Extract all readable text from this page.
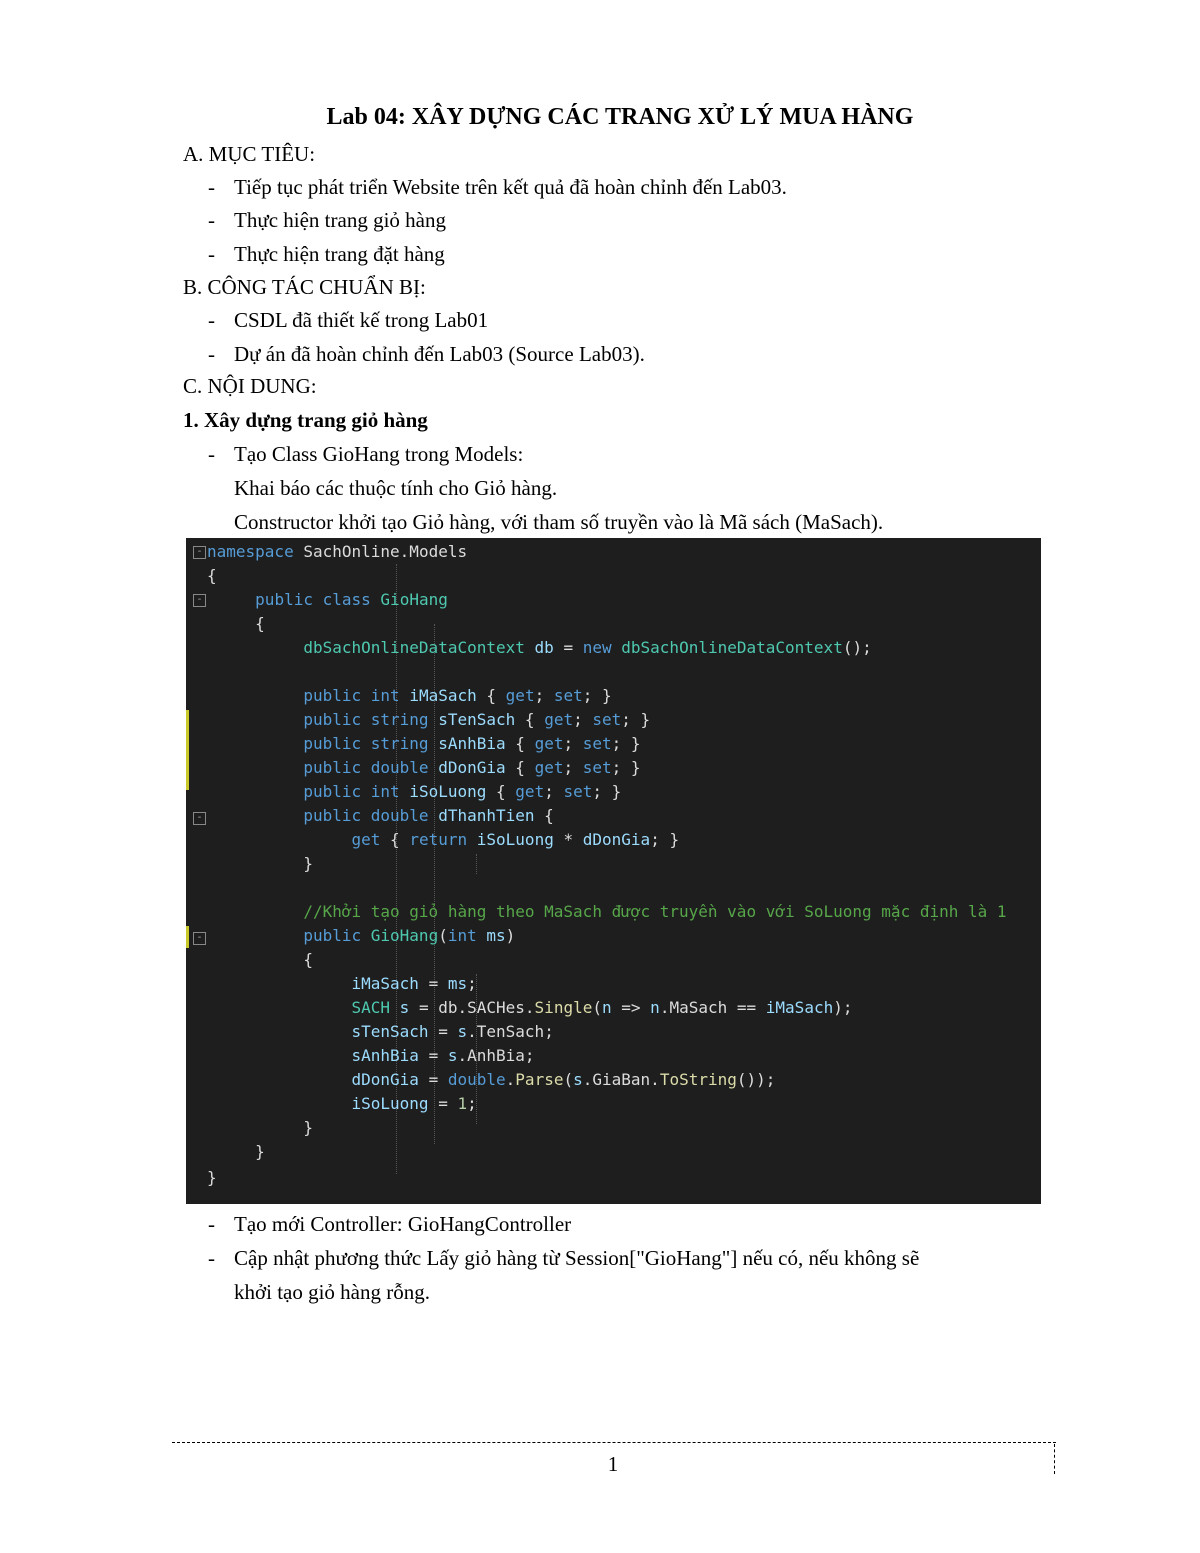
Lab 04: XÂY DỰNG CÁC TRANG XỬ LÝ MUA HÀNG
A. MỤC TIÊU:
- Tiếp tục phát triển Website trên kết quả đã hoàn chỉnh đến Lab03.
- Thực hiện trang giỏ hàng
- Thực hiện trang đặt hàng
B. CÔNG TÁC CHUẨN BỊ:
- CSDL đã thiết kế trong Lab01
- Dự án đã hoàn chỉnh đến Lab03 (Source Lab03).
C. NỘI DUNG:
1. Xây dựng trang giỏ hàng
- Tạo Class GioHang trong Models:
Khai báo các thuộc tính cho Giỏ hàng.
Constructor khởi tạo Giỏ hàng, với tham số truyền vào là Mã sách (MaSach).
-
-
-
-
namespace SachOnline.Models
{
public class GioHang
{
dbSachOnlineDataContext db = new dbSachOnlineDataContext();
public int iMaSach { get; set; }
public string sTenSach { get; set; }
public string sAnhBia { get; set; }
public double dDonGia { get; set; }
public int iSoLuong { get; set; }
public double dThanhTien {
get { return iSoLuong * dDonGia; }
}
//Khởi tạo giỏ hàng theo MaSach được truyền vào với SoLuong mặc định là 1
public GioHang(int ms)
{
iMaSach = ms;
SACH s = db.SACHes.Single(n => n.MaSach == iMaSach);
sTenSach = s.TenSach;
sAnhBia = s.AnhBia;
dDonGia = double.Parse(s.GiaBan.ToString());
iSoLuong = 1;
}
}
}
- Tạo mới Controller: GioHangController
- Cập nhật phương thức Lấy giỏ hàng từ Session["GioHang"] nếu có, nếu không sẽ
khởi tạo giỏ hàng rỗng.
1
